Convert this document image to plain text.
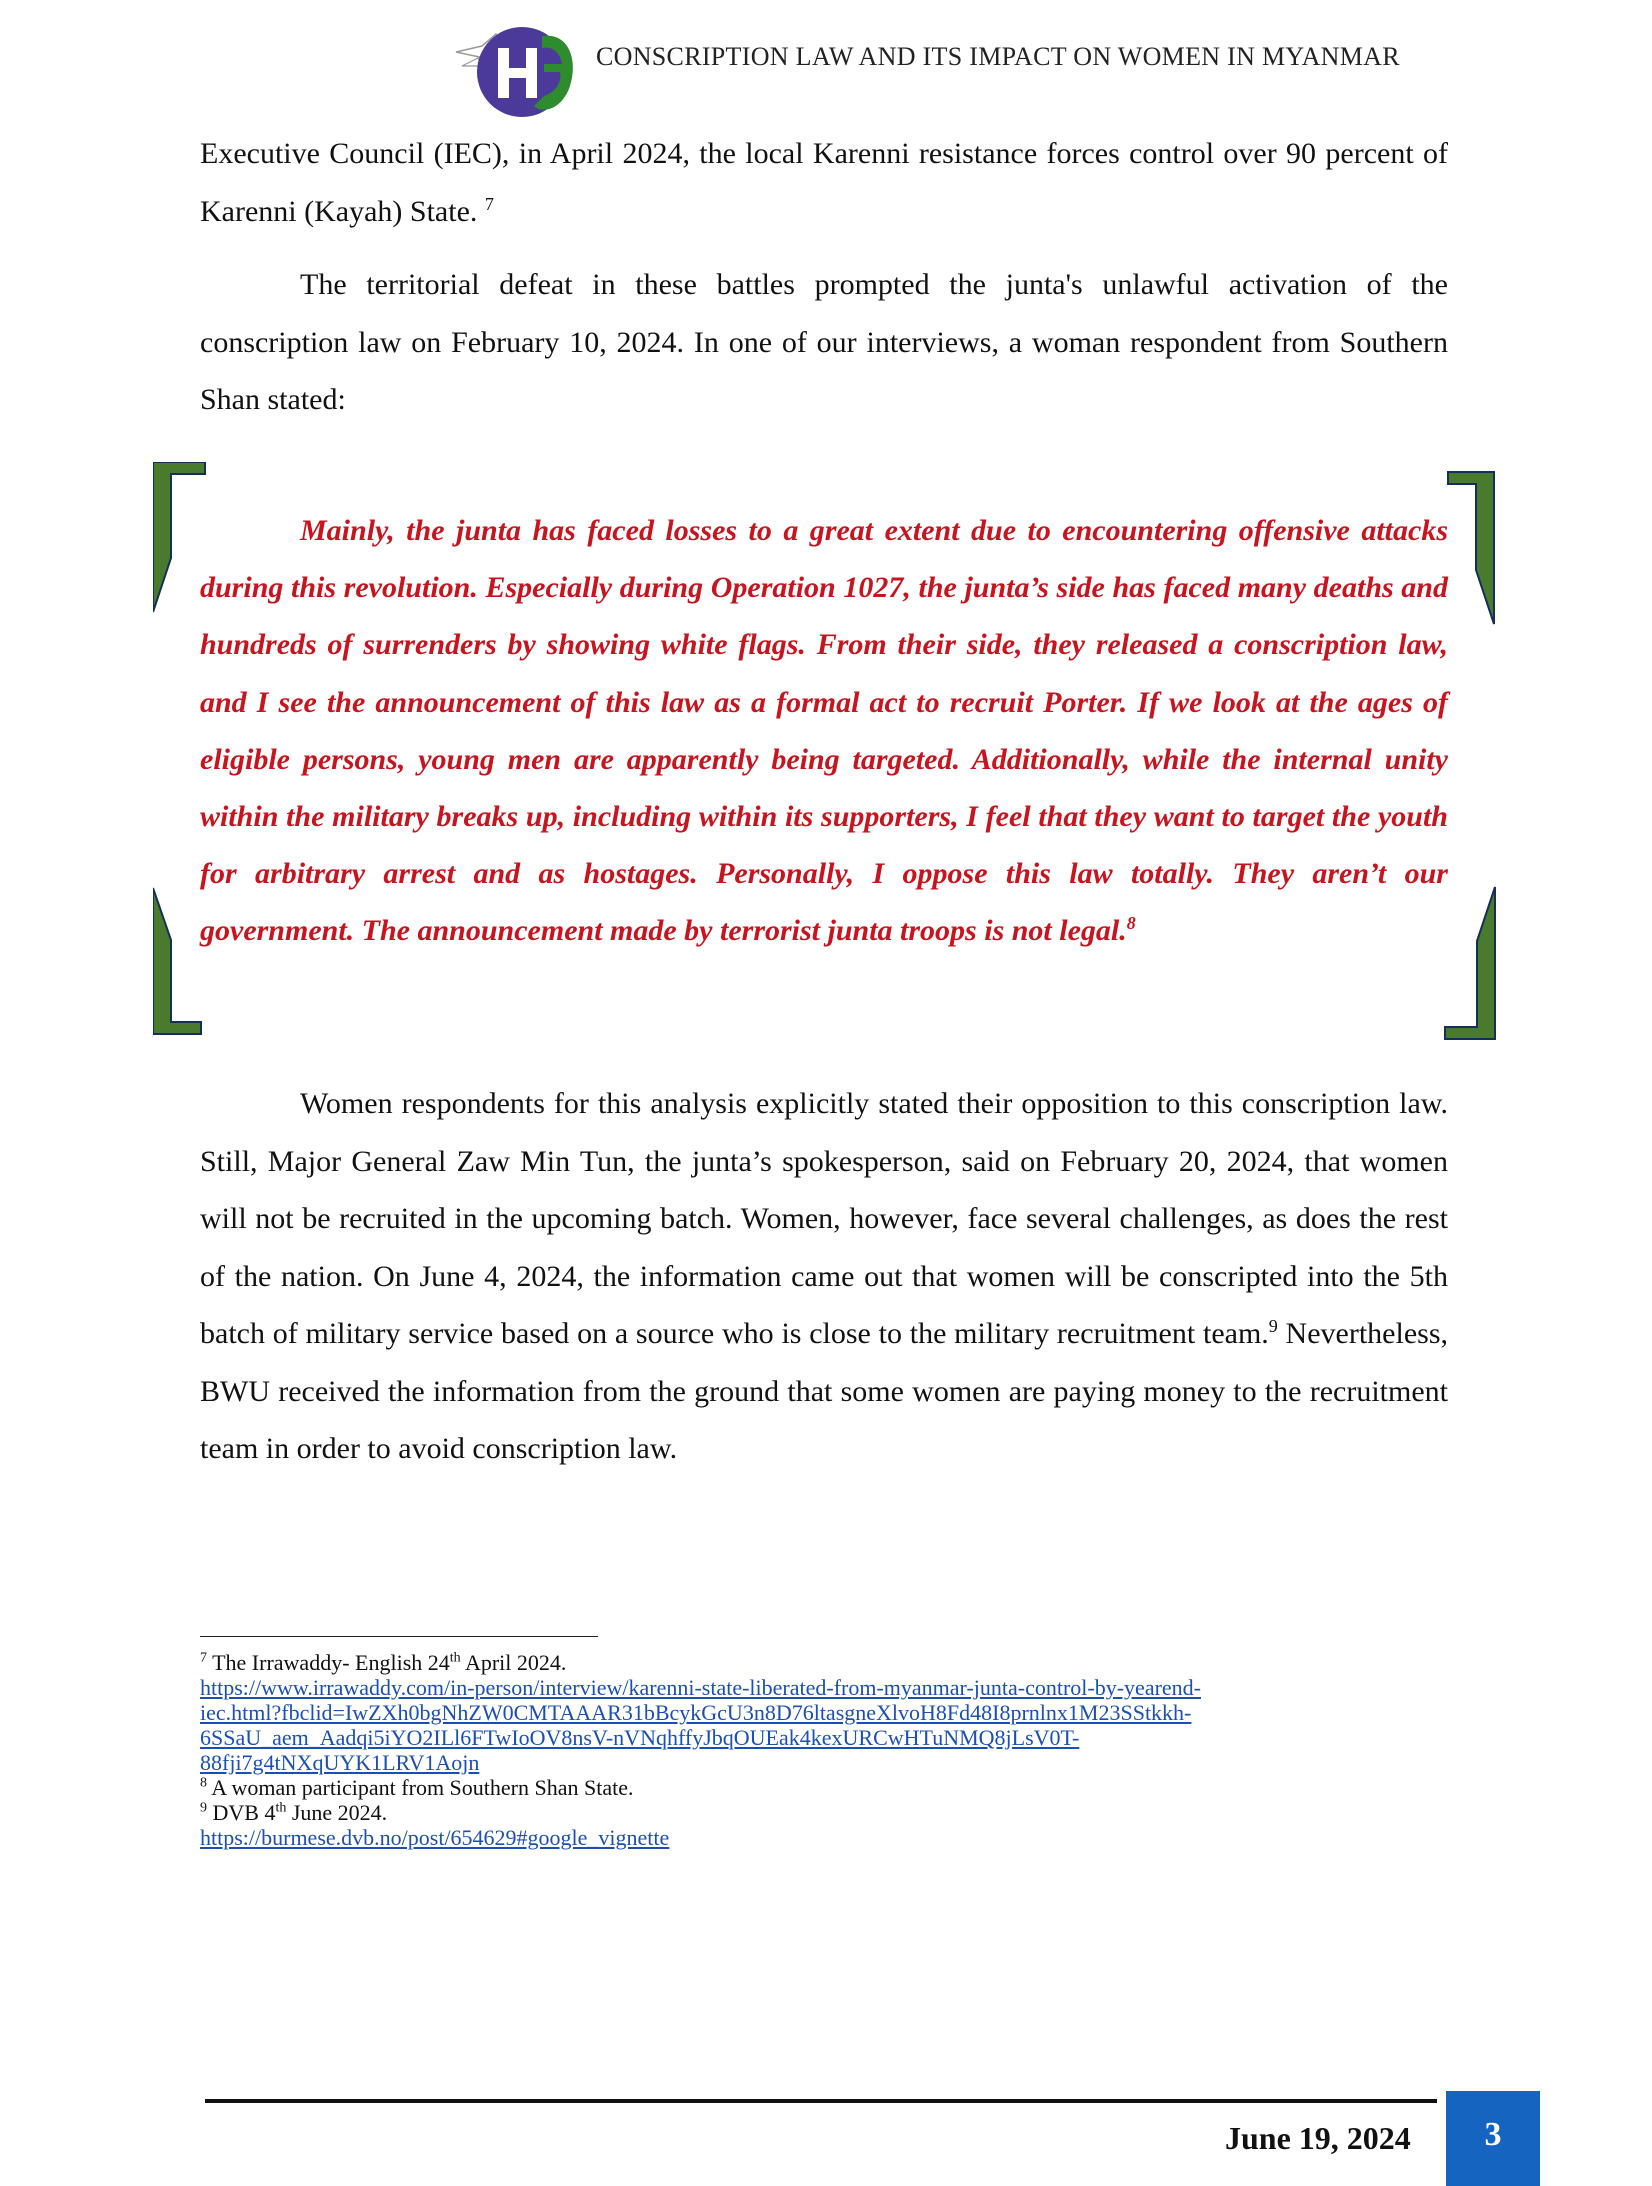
CONSCRIPTION LAW AND ITS IMPACT ON WOMEN IN MYANMAR
Executive Council (IEC), in April 2024, the local Karenni resistance forces control over 90 percent of Karenni (Kayah) State. $^7$
The territorial defeat in these battles prompted the junta's unlawful activation of the conscription law on February 10, 2024. In one of our interviews, a woman respondent from Southern Shan stated:
Mainly, the junta has faced losses to a great extent due to encountering offensive attacks during this revolution. Especially during Operation 1027, the junta’s side has faced many deaths and hundreds of surrenders by showing white flags. From their side, they released a conscription law, and I see the announcement of this law as a formal act to recruit Porter. If we look at the ages of eligible persons, young men are apparently being targeted. Additionally, while the internal unity within the military breaks up, including within its supporters, I feel that they want to target the youth for arbitrary arrest and as hostages. Personally, I oppose this law totally. They aren’t our government. The announcement made by terrorist junta troops is not legal.$^8$
Women respondents for this analysis explicitly stated their opposition to this conscription law. Still, Major General Zaw Min Tun, the junta’s spokesperson, said on February 20, 2024, that women will not be recruited in the upcoming batch. Women, however, face several challenges, as does the rest of the nation. On June 4, 2024, the information came out that women will be conscripted into the 5th batch of military service based on a source who is close to the military recruitment team.$^9$ Nevertheless, BWU received the information from the ground that some women are paying money to the recruitment team in order to avoid conscription law.
$^7$ The Irrawaddy- English 24th April 2024.
https://www.irrawaddy.com/in-person/interview/karenni-state-liberated-from-myanmar-junta-control-by-yearend-
iec.html?fbclid=IwZXh0bgNhZW0CMTAAAR31bBcykGcU3n8D76ltasgneXlvoH8Fd48I8prnlnx1M23SStkkh-
6SSaU_aem_Aadqi5iYO2ILl6FTwIoOV8nsV-nVNqhffyJbqOUEak4kexURCwHTuNMQ8jLsV0T-
88fji7g4tNXqUYK1LRV1Aojn
$^8$ A woman participant from Southern Shan State.
$^9$ DVB 4th June 2024.
https://burmese.dvb.no/post/654629#google_vignette
June 19, 2024	3
